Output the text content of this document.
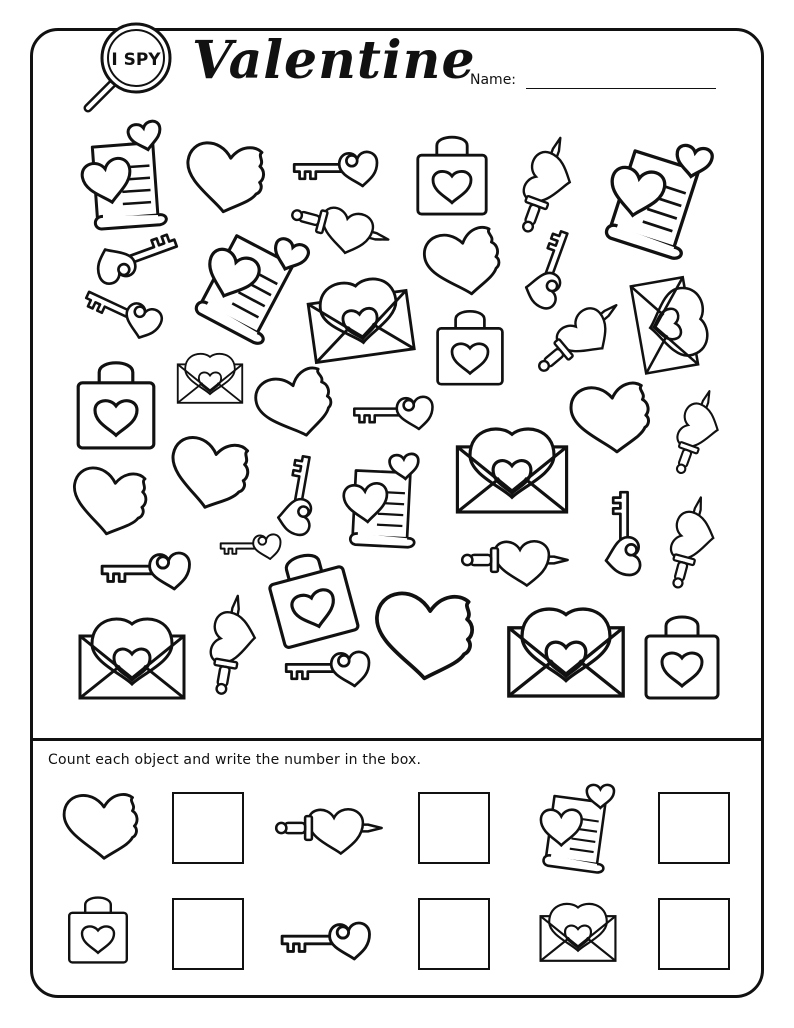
I SPY Valentine
Name:
Count each object and write the number in the box.
